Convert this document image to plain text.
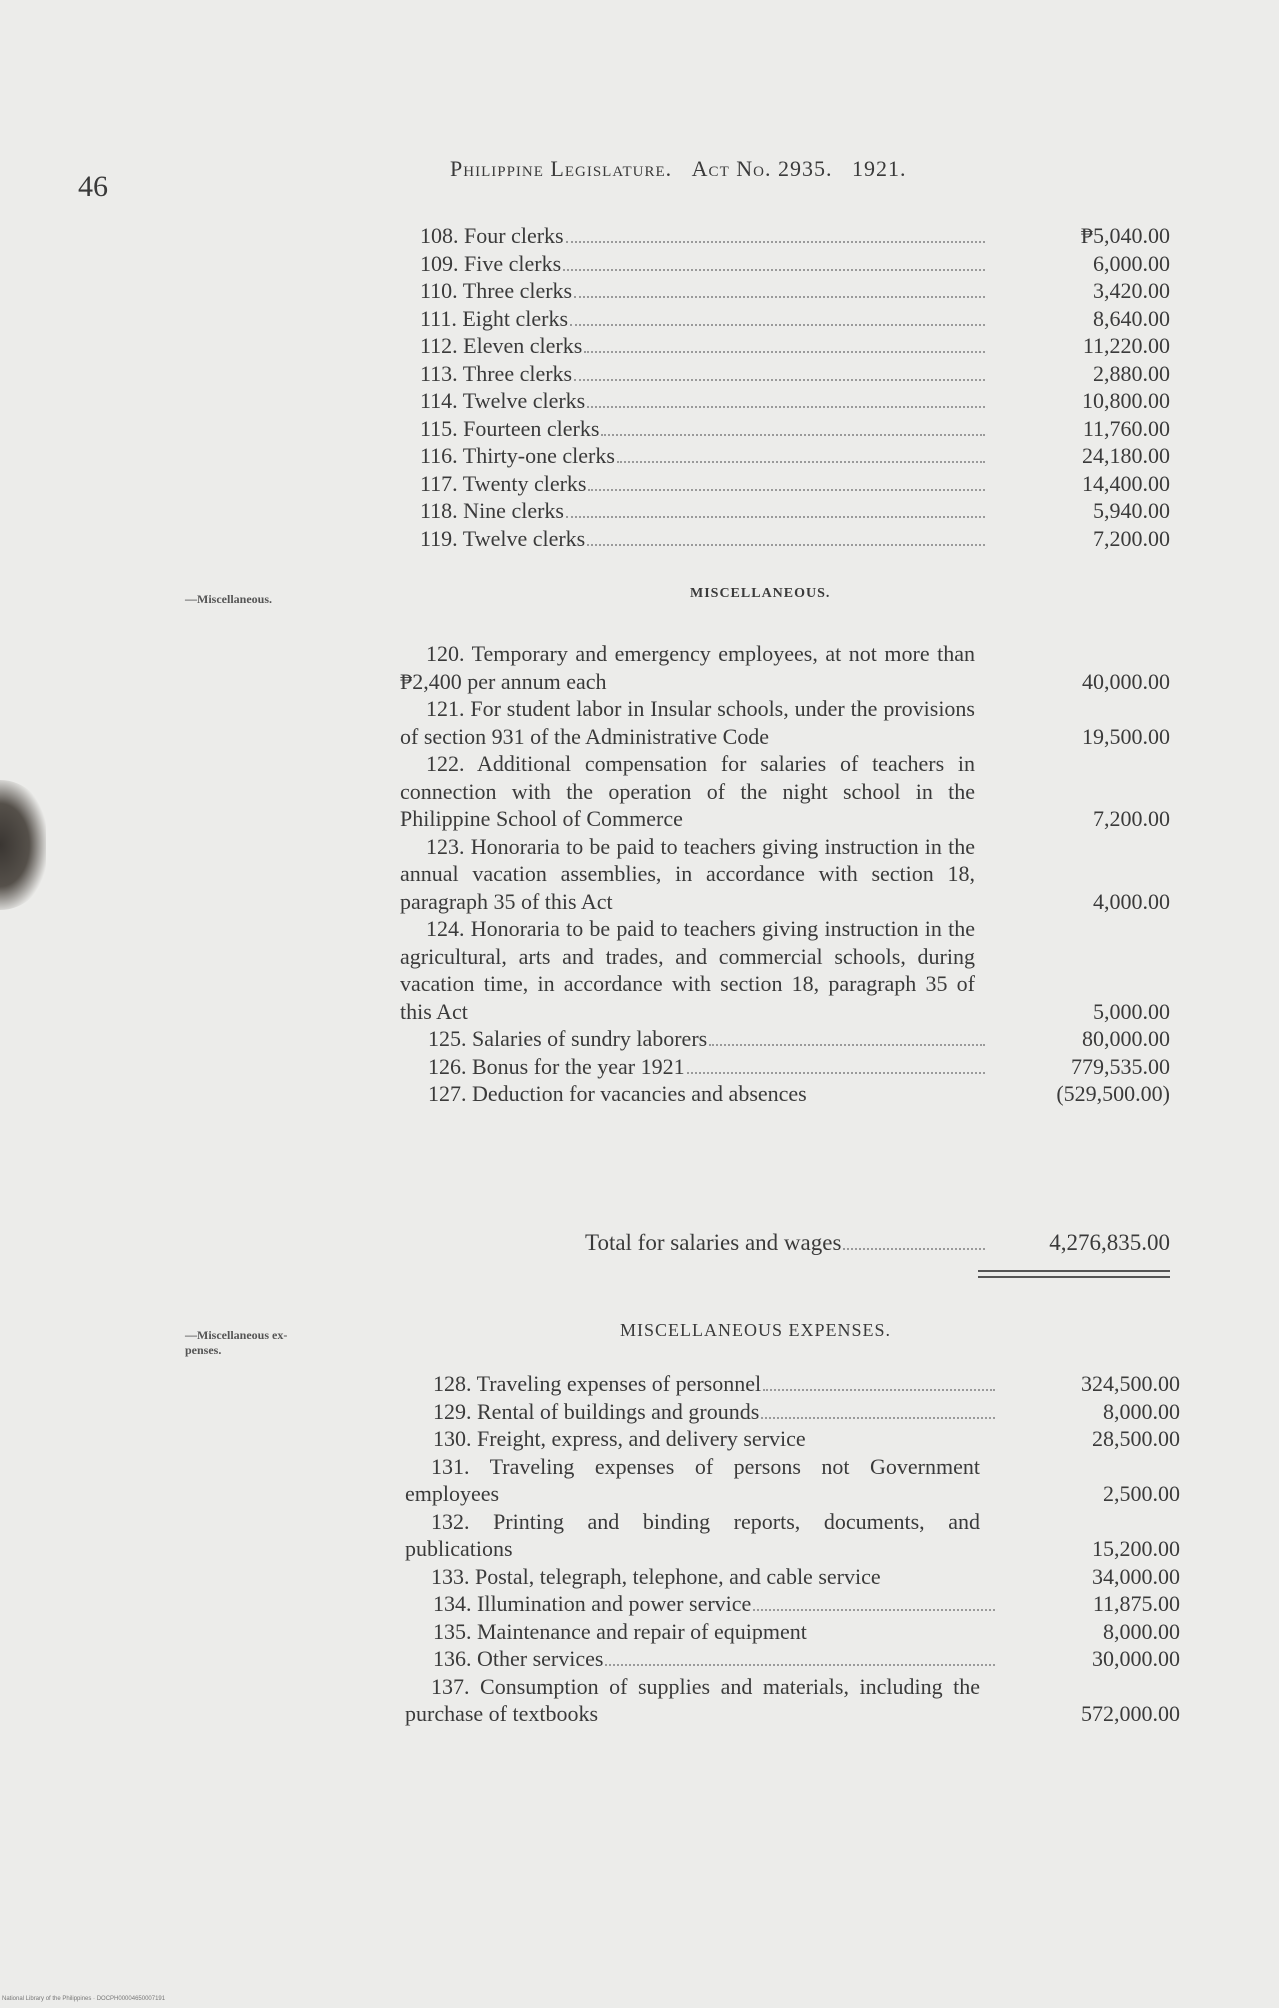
46
Philippine Legislature. Act No. 2935. 1921.
108. Four clerks	₱5,040.00
109. Five clerks	6,000.00
110. Three clerks	3,420.00
111. Eight clerks	8,640.00
112. Eleven clerks	11,220.00
113. Three clerks	2,880.00
114. Twelve clerks	10,800.00
115. Fourteen clerks	11,760.00
116. Thirty-one clerks	24,180.00
117. Twenty clerks	14,400.00
118. Nine clerks	5,940.00
119. Twelve clerks	7,200.00
—Miscellaneous.	MISCELLANEOUS.
120. Temporary and emergency employees, at not more than ₱2,400 per annum each	40,000.00
121. For student labor in Insular schools, under the provisions of section 931 of the Administrative Code	19,500.00
122. Additional compensation for salaries of teachers in connection with the operation of the night school in the Philippine School of Commerce	7,200.00
123. Honoraria to be paid to teachers giving instruction in the annual vacation assemblies, in accordance with section 18, paragraph 35 of this Act	4,000.00
124. Honoraria to be paid to teachers giving instruction in the agricultural, arts and trades, and commercial schools, during vacation time, in accordance with section 18, paragraph 35 of this Act	5,000.00
125. Salaries of sundry laborers	80,000.00
126. Bonus for the year 1921	779,535.00
127. Deduction for vacancies and absences	(529,500.00)
Total for salaries and wages	4,276,835.00
—Miscellaneous ex-
penses.
MISCELLANEOUS EXPENSES.
128. Traveling expenses of personnel	324,500.00
129. Rental of buildings and grounds	8,000.00
130. Freight, express, and delivery service	28,500.00
131. Traveling expenses of persons not Government employees	2,500.00
132. Printing and binding reports, documents, and publications	15,200.00
133. Postal, telegraph, telephone, and cable service	34,000.00
134. Illumination and power service	11,875.00
135. Maintenance and repair of equipment	8,000.00
136. Other services	30,000.00
137. Consumption of supplies and materials, including the purchase of textbooks	572,000.00
National Library of the Philippines · DOCPH00004650007191
